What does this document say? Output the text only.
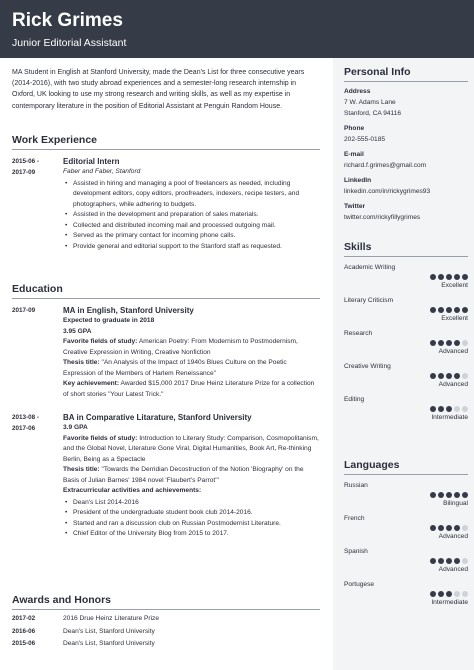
Rick Grimes
Junior Editorial Assistant

MA Student in English at Stanford University, made the Dean's List for three consecutive years (2014-2016), with two study abroad experiences and a semester-long research internship in Oxford, UK looking to use my strong research and writing skills, as well as my expertise in contemporary literature in the position of Editorial Assistant at Penguin Random House.

Work Experience
2015-06 -
2017-09
Editorial Intern
Faber and Faber, Stanford
• Assisted in hiring and managing a pool of freelancers as needed, including development editors, copy editors, proofreaders, indexers, recipe testers, and photographers, while adhering to budgets.
• Assisted in the development and preparation of sales materials.
• Collected and distributed incoming mail and processed outgoing mail.
• Served as the primary contact for incoming phone calls.
• Provide general and editorial support to the Stanford staff as requested.
Education
2017-09	MA in English, Stanford University
Expected to graduate in 2018
3.95 GPA
Favorite fields of study: American Poetry: From Modernism to Postmodernism, Creative Expression in Writing, Creative Nonfiction
Thesis title: "An Analysis of the Impact of 1940s Blues Culture on the Poetic Expression of the Members of Harlem Reneissance"
Key achievement: Awarded $15,000 2017 Drue Heinz Literature Prize for a collection of short stories "Your Latest Trick."
2013-08 -
2017-06
BA in Comparative Litarature, Stanford University
3.9 GPA
Favorite fields of study: Introduction to Literary Study: Comparison, Cosmopolitanism, and the Global Novel, Literature Gone Viral, Digital Humanities, Book Art, Re-thinking Berlin, Being as a Spectacle
Thesis title: "Towards the Derridian Decostruction of the Notion 'Biography' on the Basis of Julian Barnes' 1984 novel 'Flaubert's Parrot'"
Extracurricular activities and achievements:
• Dean's List 2014-2016
• President of the undergraduate student book club 2014-2016.
• Started and ran a discussion club on Russian Postmodernist Literature.
• Chief Editor of the University Blog from 2015 to 2017.
Awards and Honors
2017-02	2016 Drue Heinz Literature Prize
2016-06	Dean's List, Stanford University
2015-06	Dean's List, Stanford University
Personal Info
Address
7 W. Adams Lane
Stanford, CA 94116
Phone
202-555-0185
E-mail
richard.f.grimes@gmail.com
LinkedIn
linkedin.com/in/rickygrimes93
Twitter
twitter.com/rickyfillygrimes
Skills
Academic Writing
Excellent
Literary Criticism
Excellent
Research
Advanced
Creative Writing
Advanced
Editing
Intermediate
Languages
Russian
Bilingual
French
Advanced
Spanish
Advanced
Portugese
Intermediate
